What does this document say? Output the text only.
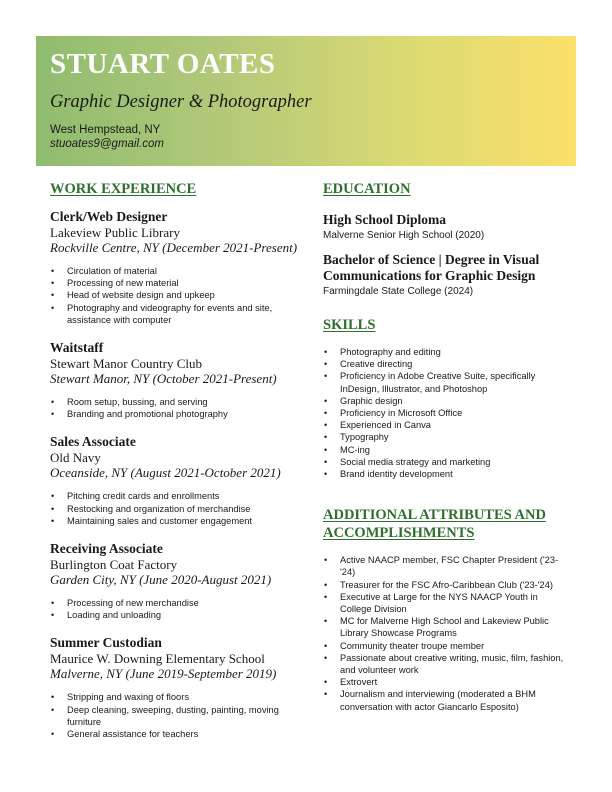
STUART OATES
Graphic Designer & Photographer
West Hempstead, NY
stuoates9@gmail.com
WORK EXPERIENCE
Clerk/Web Designer
Lakeview Public Library
Rockville Centre, NY (December 2021-Present)
• Circulation of material
• Processing of new material
• Head of website design and upkeep
• Photography and videography for events and site, assistance with computer
Waitstaff
Stewart Manor Country Club
Stewart Manor, NY (October 2021-Present)
• Room setup, bussing, and serving
• Branding and promotional photography
Sales Associate
Old Navy
Oceanside, NY (August 2021-October 2021)
• Pitching credit cards and enrollments
• Restocking and organization of merchandise
• Maintaining sales and customer engagement
Receiving Associate
Burlington Coat Factory
Garden City, NY (June 2020-August 2021)
• Processing of new merchandise
• Loading and unloading
Summer Custodian
Maurice W. Downing Elementary School
Malverne, NY (June 2019-September 2019)
• Stripping and waxing of floors
• Deep cleaning, sweeping, dusting, painting, moving furniture
• General assistance for teachers
EDUCATION
High School Diploma
Malverne Senior High School (2020)
Bachelor of Science | Degree in Visual Communications for Graphic Design
Farmingdale State College (2024)
SKILLS
• Photography and editing
• Creative directing
• Proficiency in Adobe Creative Suite, specifically InDesign, Illustrator, and Photoshop
• Graphic design
• Proficiency in Microsoft Office
• Experienced in Canva
• Typography
• MC-ing
• Social media strategy and marketing
• Brand identity development
ADDITIONAL ATTRIBUTES AND ACCOMPLISHMENTS
• Active NAACP member, FSC Chapter President ('23-'24)
• Treasurer for the FSC Afro-Caribbean Club ('23-'24)
• Executive at Large for the NYS NAACP Youth in College Division
• MC for Malverne High School and Lakeview Public Library Showcase Programs
• Community theater troupe member
• Passionate about creative writing, music, film, fashion, and volunteer work
• Extrovert
• Journalism and interviewing (moderated a BHM conversation with actor Giancarlo Esposito)
